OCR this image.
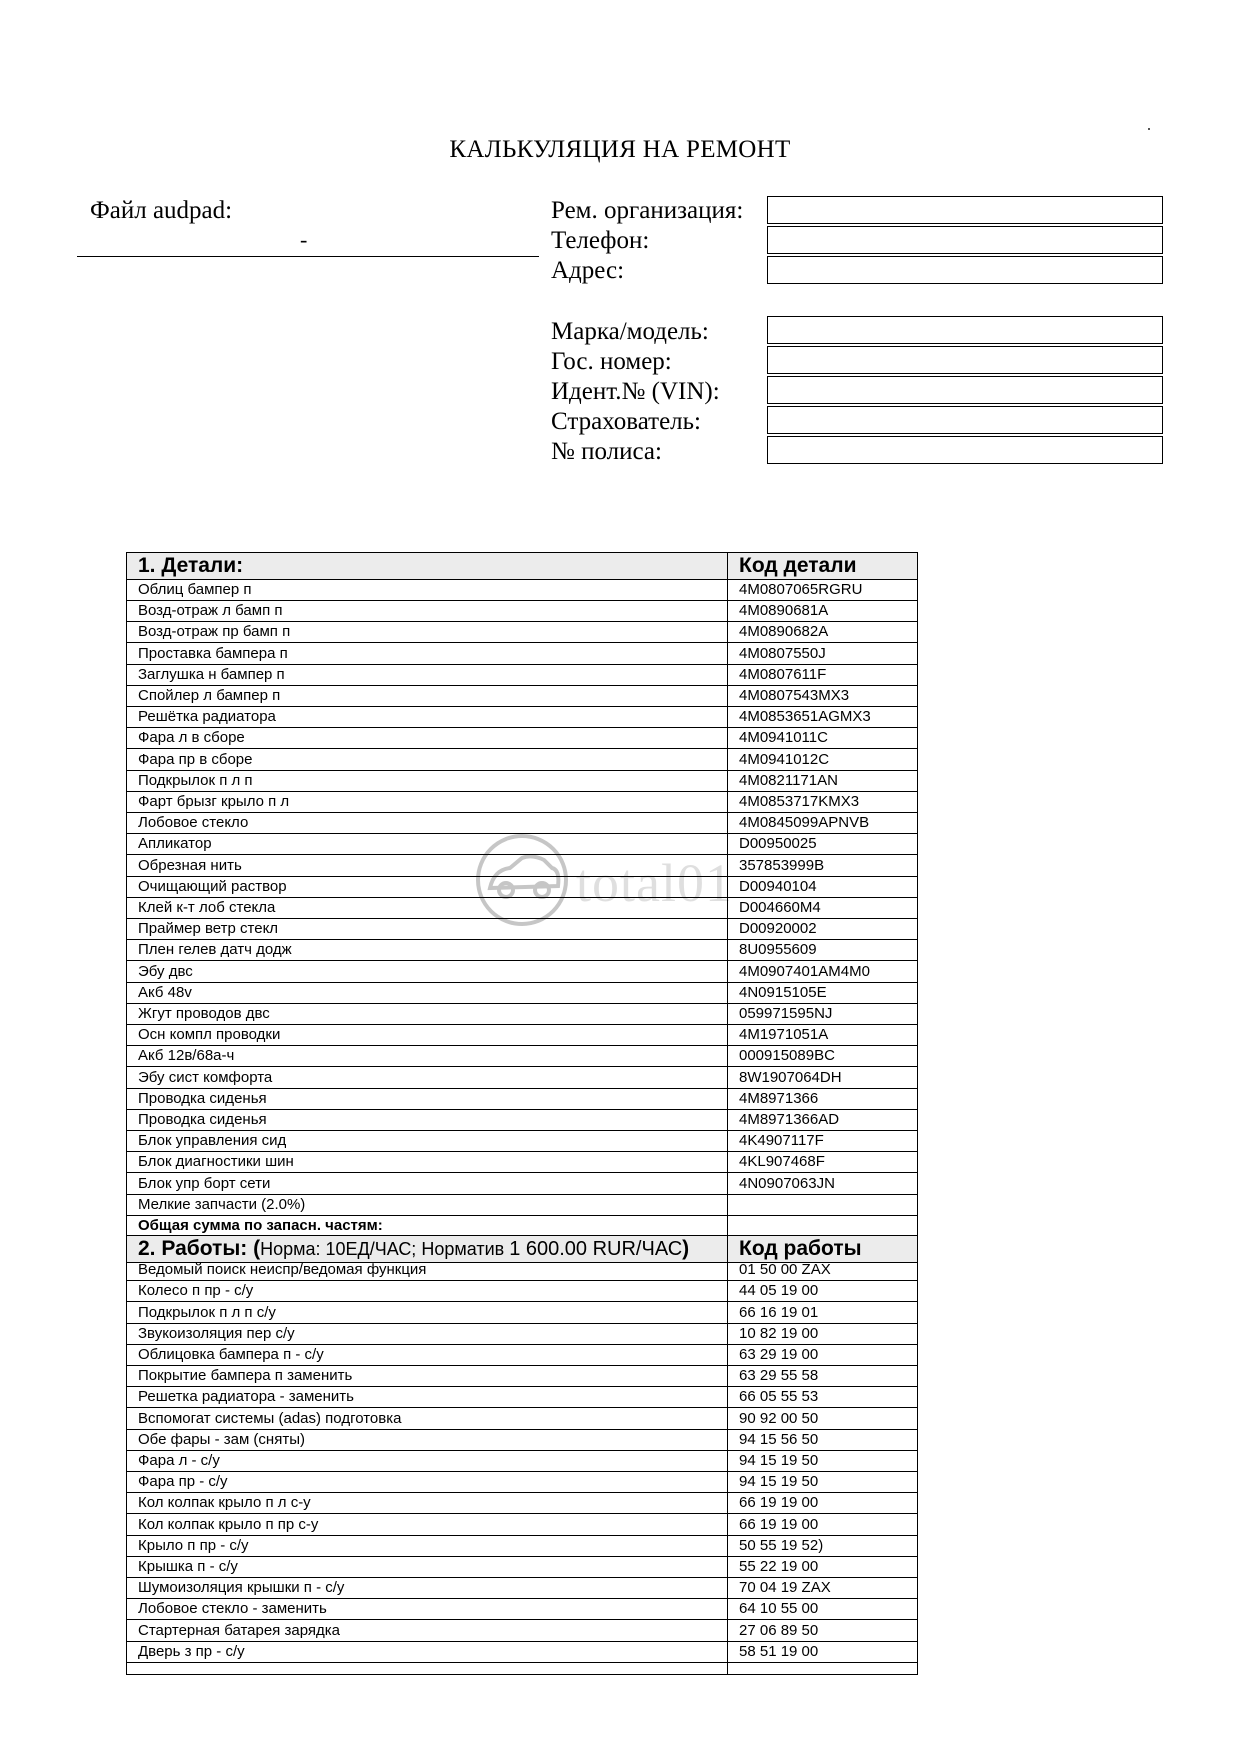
КАЛЬКУЛЯЦИЯ НА РЕМОНТ
Файл audpad:
-
Рем. организация:
Телефон:
Адрес:
Марка/модель:
Гос. номер:
Идент.№ (VIN):
Страхователь:
№ полиса:
1. Детали:	Код детали
Облиц бампер п	4M0807065RGRU
Возд-отраж л бамп п	4M0890681A
Возд-отраж пр бамп п	4M0890682A
Проставка бампера п	4M0807550J
Заглушка н бампер п	4M0807611F
Спойлер л бампер п	4M0807543MX3
Решётка радиатора	4M0853651AGMX3
Фара л в сборе	4M0941011C
Фара пр в сборе	4M0941012C
Подкрылок п л п	4M0821171AN
Фарт брызг крыло п л	4M0853717KMX3
Лобовое стекло	4M0845099APNVB
Апликатор	D00950025
Обрезная нить	357853999B
Очищающий раствор	D00940104
Клей к-т лоб стекла	D004660M4
Праймер ветр стекл	D00920002
Плен гелев датч додж	8U0955609
Эбу двс	4M0907401AM4M0
Акб 48v	4N0915105E
Жгут проводов двс	059971595NJ
Осн компл проводки	4M1971051A
Акб 12в/68а-ч	000915089BC
Эбу сист комфорта	8W1907064DH
Проводка сиденья	4M8971366
Проводка сиденья	4M8971366AD
Блок управления сид	4K4907117F
Блок диагностики шин	4KL907468F
Блок упр борт сети	4N0907063JN
Мелкие запчасти (2.0%)
Общая сумма по запасн. частям:
2. Работы: (Норма: 10ЕД/ЧАС; Норматив 1 600.00 RUR/ЧАС) Код работы
Ведомый поиск неиспр/ведомая функция	01 50 00 ZAX
Колесо п пр - с/у	44 05 19 00
Подкрылок п л п с/у	66 16 19 01
Звукоизоляция пер с/у	10 82 19 00
Облицовка бампера п - с/у	63 29 19 00
Покрытие бампера п заменить	63 29 55 58
Решетка радиатора - заменить	66 05 55 53
Вспомогат системы (adas) подготовка	90 92 00 50
Обе фары - зам (сняты)	94 15 56 50
Фара л - с/у	94 15 19 50
Фара пр - с/у	94 15 19 50
Кол колпак крыло п л с-у	66 19 19 00
Кол колпак крыло п пр с-у	66 19 19 00
Крыло п пр - с/у	50 55 19 52)
Крышка п - с/у	55 22 19 00
Шумоизоляция крышки п - с/у	70 04 19 ZAX
Лобовое стекло - заменить	64 10 55 00
Стартерная батарея зарядка	27 06 89 50
Дверь з пр - с/у	58 51 19 00
total01
